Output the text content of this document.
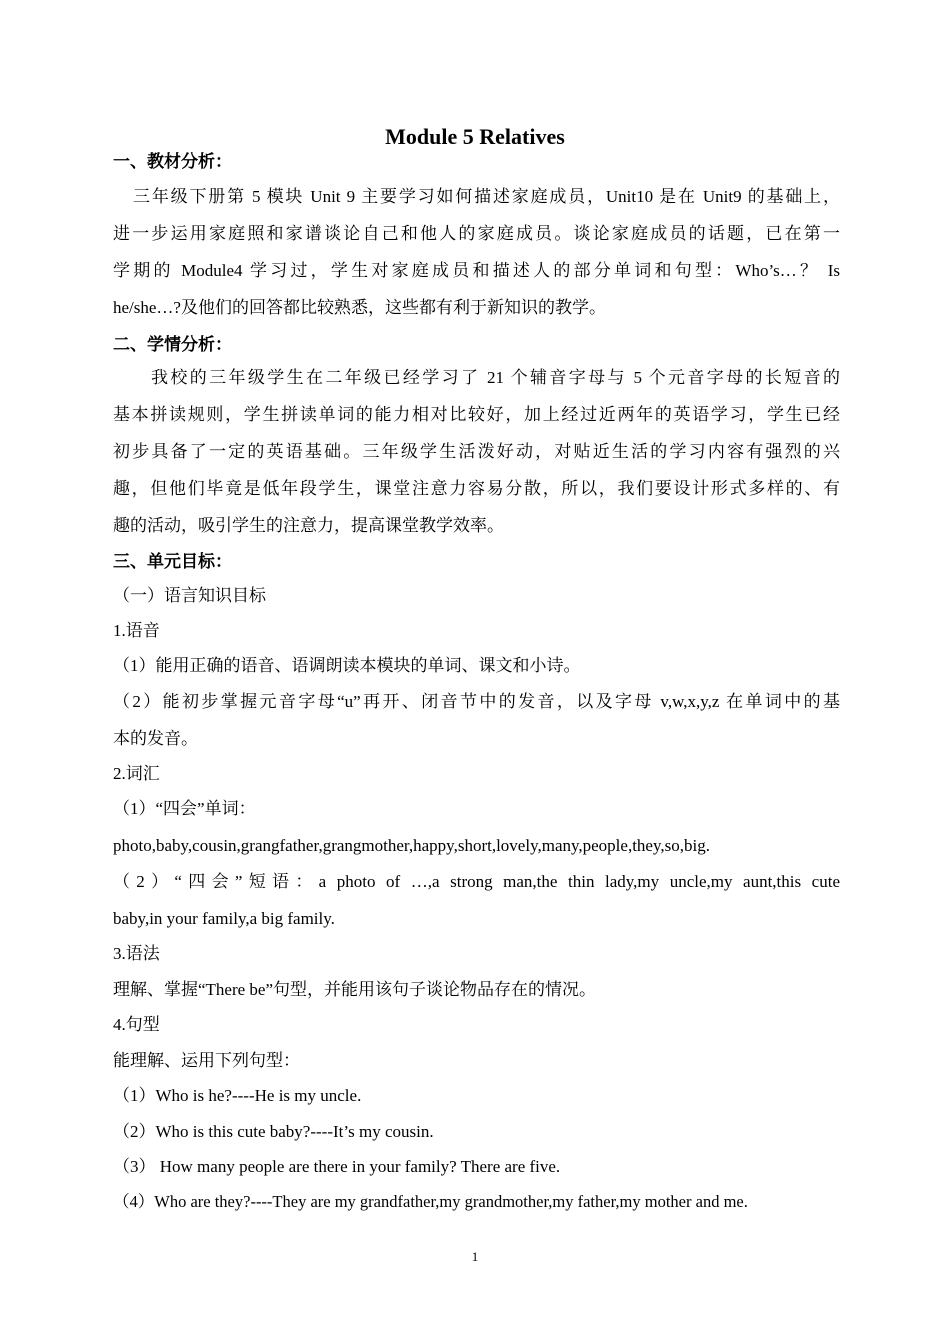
Module 5 Relatives
一、教材分析：
三年级下册第 5 模块 Unit 9 主要学习如何描述家庭成员，Unit10 是在 Unit9 的基础上，
进一步运用家庭照和家谱谈论自己和他人的家庭成员。谈论家庭成员的话题，已在第一
学期的 Module4 学习过，学生对家庭成员和描述人的部分单词和句型：Who’s…？ Is
he/she…?及他们的回答都比较熟悉，这些都有利于新知识的教学。
二、学情分析：
我校的三年级学生在二年级已经学习了 21 个辅音字母与 5 个元音字母的长短音的
基本拼读规则，学生拼读单词的能力相对比较好，加上经过近两年的英语学习，学生已经
初步具备了一定的英语基础。三年级学生活泼好动，对贴近生活的学习内容有强烈的兴
趣，但他们毕竟是低年段学生，课堂注意力容易分散，所以，我们要设计形式多样的、有
趣的活动，吸引学生的注意力，提高课堂教学效率。
三、单元目标：
（一）语言知识目标
1.语音
（1）能用正确的语音、语调朗读本模块的单词、课文和小诗。
（2）能初步掌握元音字母“u”再开、闭音节中的发音，以及字母 v,w,x,y,z 在单词中的基
本的发音。
2.词汇
（1）“四会”单词：
photo,baby,cousin,grangfather,grangmother,happy,short,lovely,many,people,they,so,big.
（2）“四会”短语：a photo of …,a strong man,the thin lady,my uncle,my aunt,this cute
baby,in your family,a big family.
3.语法
理解、掌握“There be”句型，并能用该句子谈论物品存在的情况。
4.句型
能理解、运用下列句型：
（1）Who is he?----He is my uncle.
（2）Who is this cute baby?----It’s my cousin.
（3） How many people are there in your family? There are five.
（4）Who are they?----They are my grandfather,my grandmother,my father,my mother and me.
1
